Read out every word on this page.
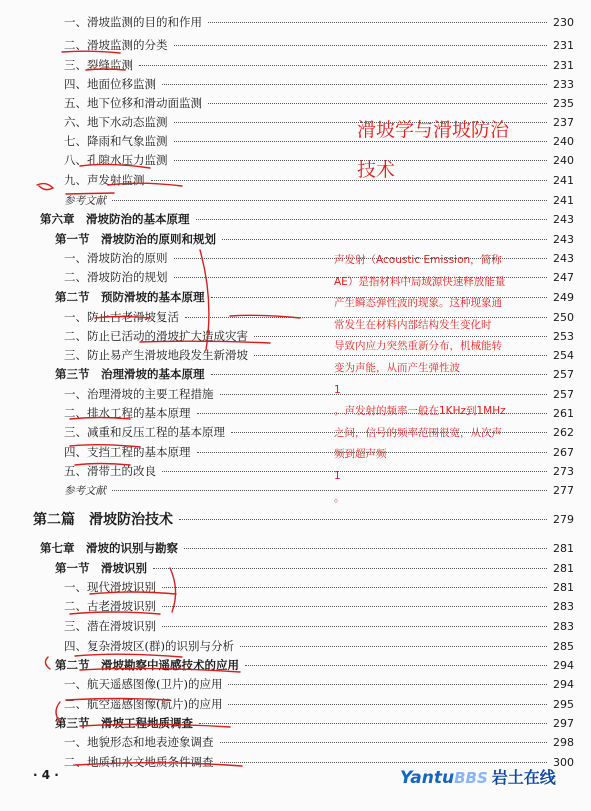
一、滑坡监测的目的和作用	230
二、滑坡监测的分类	231
三、裂缝监测	231
四、地面位移监测	233
五、地下位移和滑动面监测	235
六、地下水动态监测	237
七、降雨和气象监测	240
八、孔隙水压力监测	240
九、声发射监测	241
参考文献	241
第六章　滑坡防治的基本原理	243
第一节　滑坡防治的原则和规划	243
一、滑坡防治的原则	243
二、滑坡防治的规划	247
第二节　预防滑坡的基本原理	249
一、防止古老滑坡复活	250
二、防止已活动的滑坡扩大造成灾害	253
三、防止易产生滑坡地段发生新滑坡	254
第三节　治理滑坡的基本原理	257
一、治理滑坡的主要工程措施	257
二、排水工程的基本原理	261
三、减重和反压工程的基本原理	262
四、支挡工程的基本原理	267
五、滑带土的改良	273
参考文献	277
第二篇　滑坡防治技术	279
第七章　滑坡的识别与勘察	281
第一节　滑坡识别	281
一、现代滑坡识别	281
二、古老滑坡识别	283
三、潜在滑坡识别	283
四、复杂滑坡区(群)的识别与分析	285
第二节　滑坡勘察中遥感技术的应用	294
一、航天遥感图像(卫片)的应用	294
二、航空遥感图像(航片)的应用	295
第三节　滑坡工程地质调查	297
一、地貌形态和地表迹象调查	298
二、地质和水文地质条件调查	300
滑坡学与滑坡防治
技术
声发射（Acoustic Emission，简称
AE）是指材料中局域源快速释放能量
产生瞬态弹性波的现象。这种现象通
常发生在材料内部结构发生变化时
导致内应力突然重新分布，机械能转
变为声能，从而产生弹性波
1
。声发射的频率一般在1KHz到1MHz
之间，信号的频率范围很宽，从次声
频到超声频
1
。
· 4 ·	YantuBBS 岩土在线
